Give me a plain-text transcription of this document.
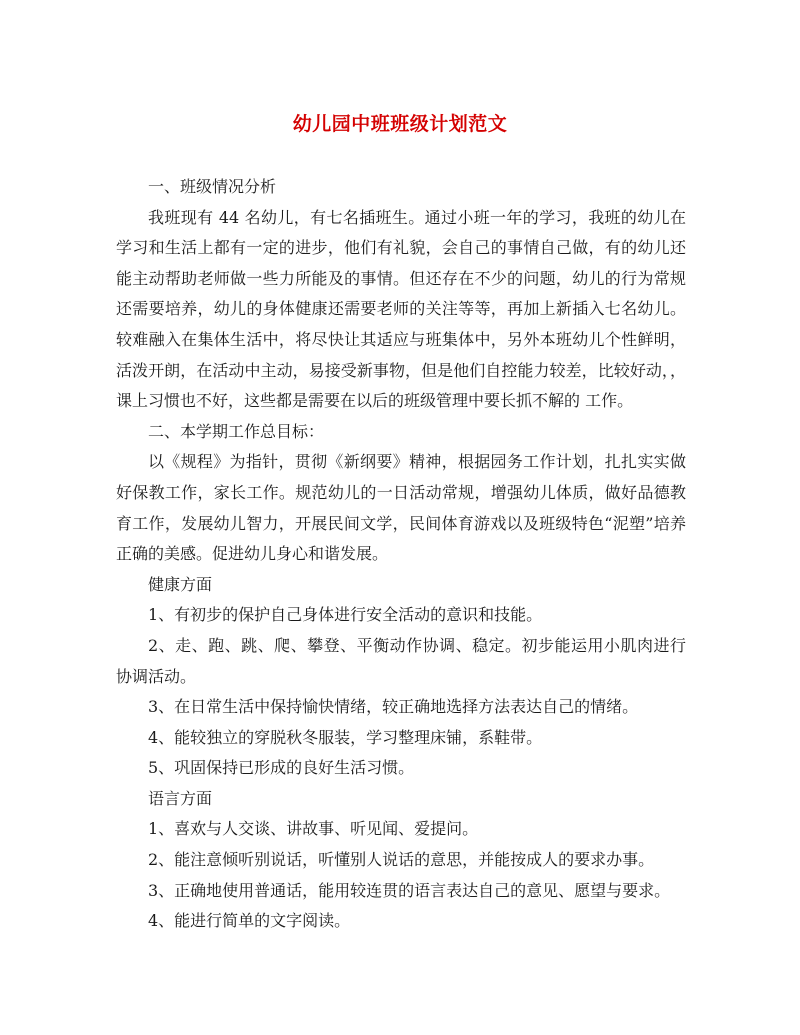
幼儿园中班班级计划范文

一、班级情况分析

我班现有 44 名幼儿，有七名插班生。通过小班一年的学习，我班的幼儿在学习和生活上都有一定的进步，他们有礼貌，会自己的事情自己做，有的幼儿还能主动帮助老师做一些力所能及的事情。但还存在不少的问题，幼儿的行为常规还需要培养，幼儿的身体健康还需要老师的关注等等，再加上新插入七名幼儿。较难融入在集体生活中，将尽快让其适应与班集体中，另外本班幼儿个性鲜明，活泼开朗，在活动中主动，易接受新事物，但是他们自控能力较差，比较好动，，课上习惯也不好，这些都是需要在以后的班级管理中要长抓不解的 工作。

二、本学期工作总目标：

以《规程》为指针，贯彻《新纲要》精神，根据园务工作计划，扎扎实实做好保教工作，家长工作。规范幼儿的一日活动常规，增强幼儿体质，做好品德教育工作，发展幼儿智力，开展民间文学，民间体育游戏以及班级特色“泥塑”培养正确的美感。促进幼儿身心和谐发展。

健康方面

1、有初步的保护自己身体进行安全活动的意识和技能。

2、走、跑、跳、爬、攀登、平衡动作协调、稳定。初步能运用小肌肉进行协调活动。

3、在日常生活中保持愉快情绪，较正确地选择方法表达自己的情绪。

4、能较独立的穿脱秋冬服装，学习整理床铺，系鞋带。

5、巩固保持已形成的良好生活习惯。

语言方面

1、喜欢与人交谈、讲故事、听见闻、爱提问。

2、能注意倾听别说话，听懂别人说话的意思，并能按成人的要求办事。

3、正确地使用普通话，能用较连贯的语言表达自己的意见、愿望与要求。

4、能进行简单的文字阅读。
